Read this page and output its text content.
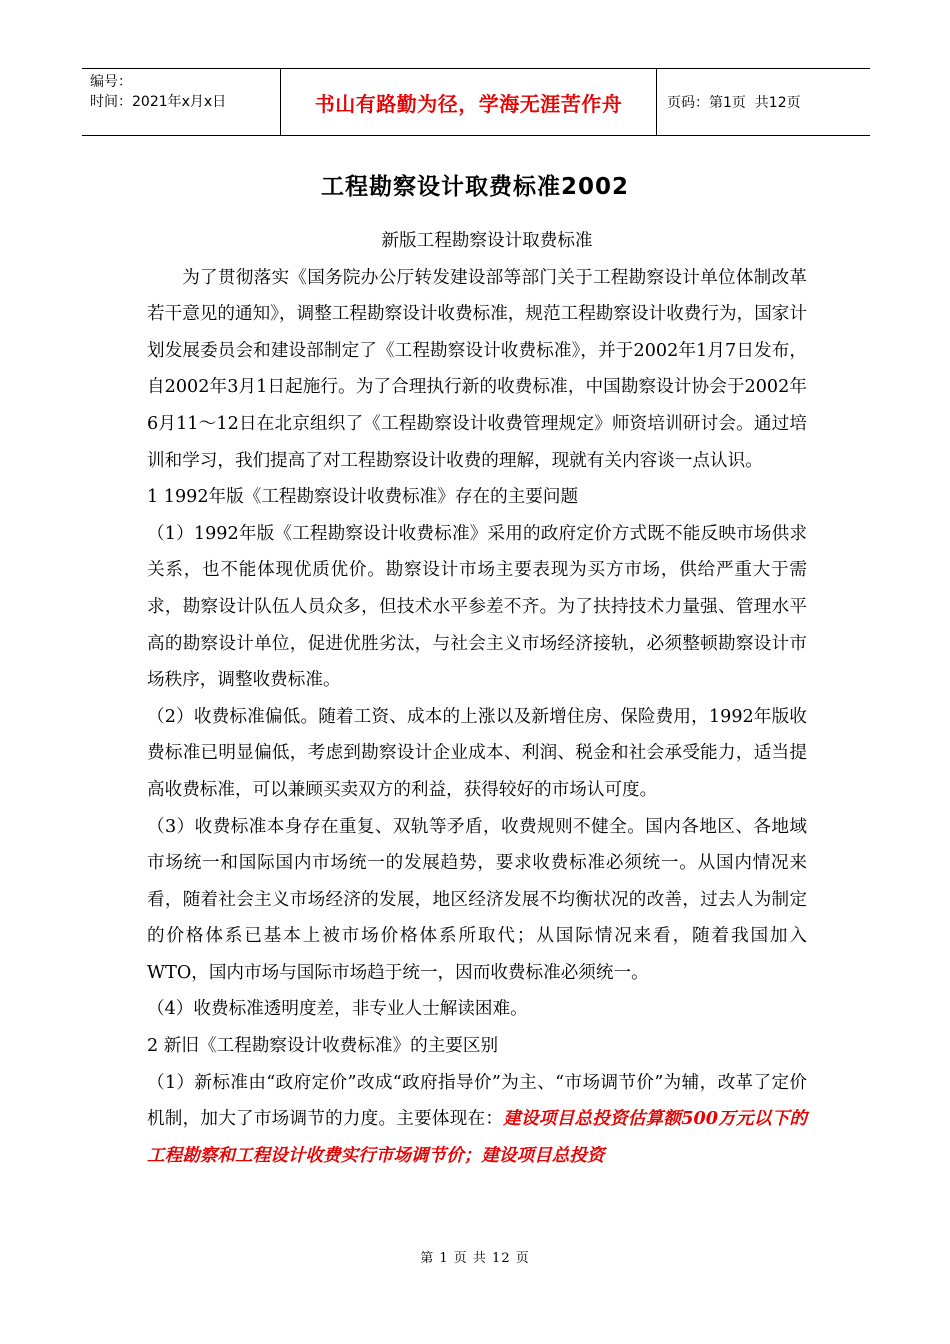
编号：
时间：2021年x月x日	书山有路勤为径，学海无涯苦作舟	页码：第1页  共12页
工程勘察设计取费标准2002

新版工程勘察设计取费标准

为了贯彻落实《国务院办公厅转发建设部等部门关于工程勘察设计单位体制改革若干意见的通知》，调整工程勘察设计收费标准，规范工程勘察设计收费行为，国家计划发展委员会和建设部制定了《工程勘察设计收费标准》，并于2002年1月7日发布，自2002年3月1日起施行。为了合理执行新的收费标准，中国勘察设计协会于2002年6月11～12日在北京组织了《工程勘察设计收费管理规定》师资培训研讨会。通过培训和学习，我们提高了对工程勘察设计收费的理解，现就有关内容谈一点认识。

1 1992年版《工程勘察设计收费标准》存在的主要问题

（1）1992年版《工程勘察设计收费标准》采用的政府定价方式既不能反映市场供求关系，也不能体现优质优价。勘察设计市场主要表现为买方市场，供给严重大于需求，勘察设计队伍人员众多，但技术水平参差不齐。为了扶持技术力量强、管理水平高的勘察设计单位，促进优胜劣汰，与社会主义市场经济接轨，必须整顿勘察设计市场秩序，调整收费标准。

（2）收费标准偏低。随着工资、成本的上涨以及新增住房、保险费用，1992年版收费标准已明显偏低，考虑到勘察设计企业成本、利润、税金和社会承受能力，适当提高收费标准，可以兼顾买卖双方的利益，获得较好的市场认可度。

（3）收费标准本身存在重复、双轨等矛盾，收费规则不健全。国内各地区、各地域市场统一和国际国内市场统一的发展趋势，要求收费标准必须统一。从国内情况来看，随着社会主义市场经济的发展，地区经济发展不均衡状况的改善，过去人为制定的价格体系已基本上被市场价格体系所取代；从国际情况来看，随着我国加入WTO，国内市场与国际市场趋于统一，因而收费标准必须统一。

（4）收费标准透明度差，非专业人士解读困难。

2 新旧《工程勘察设计收费标准》的主要区别

（1）新标准由“政府定价”改成“政府指导价”为主、“市场调节价”为辅，改革了定价机制，加大了市场调节的力度。主要体现在：建设项目总投资估算额500万元以下的工程勘察和工程设计收费实行市场调节价；建设项目总投资

第 1 页 共 12 页
